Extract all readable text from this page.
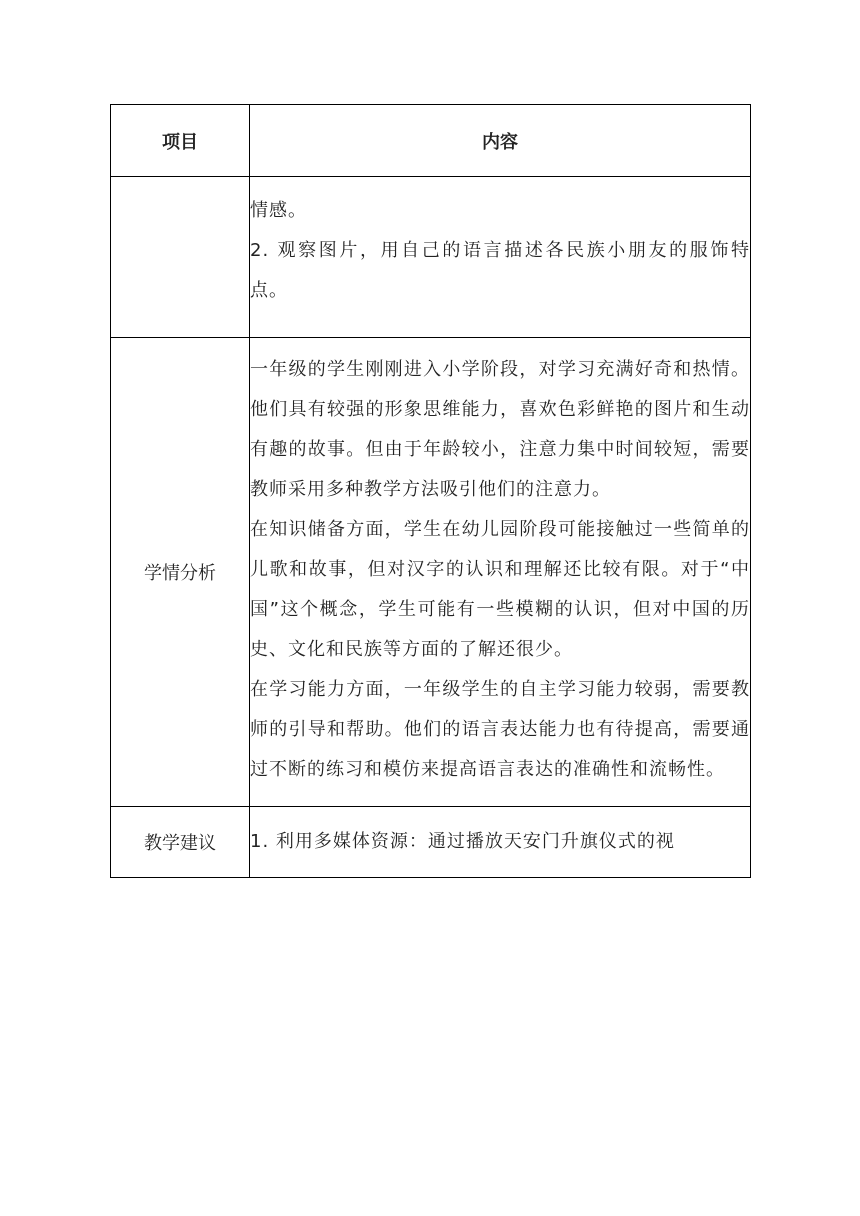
项目	内容

	情感。

2. 观察图片，用自己的语言描述各民族小朋友的服饰特点。

学情分析	一年级的学生刚刚进入小学阶段，对学习充满好奇和热情。他们具有较强的形象思维能力，喜欢色彩鲜艳的图片和生动有趣的故事。但由于年龄较小，注意力集中时间较短，需要教师采用多种教学方法吸引他们的注意力。

在知识储备方面，学生在幼儿园阶段可能接触过一些简单的儿歌和故事，但对汉字的认识和理解还比较有限。对于“中国”这个概念，学生可能有一些模糊的认识，但对中国的历史、文化和民族等方面的了解还很少。

在学习能力方面，一年级学生的自主学习能力较弱，需要教师的引导和帮助。他们的语言表达能力也有待提高，需要通过不断的练习和模仿来提高语言表达的准确性和流畅性。

教学建议	1. 利用多媒体资源：通过播放天安门升旗仪式的视
